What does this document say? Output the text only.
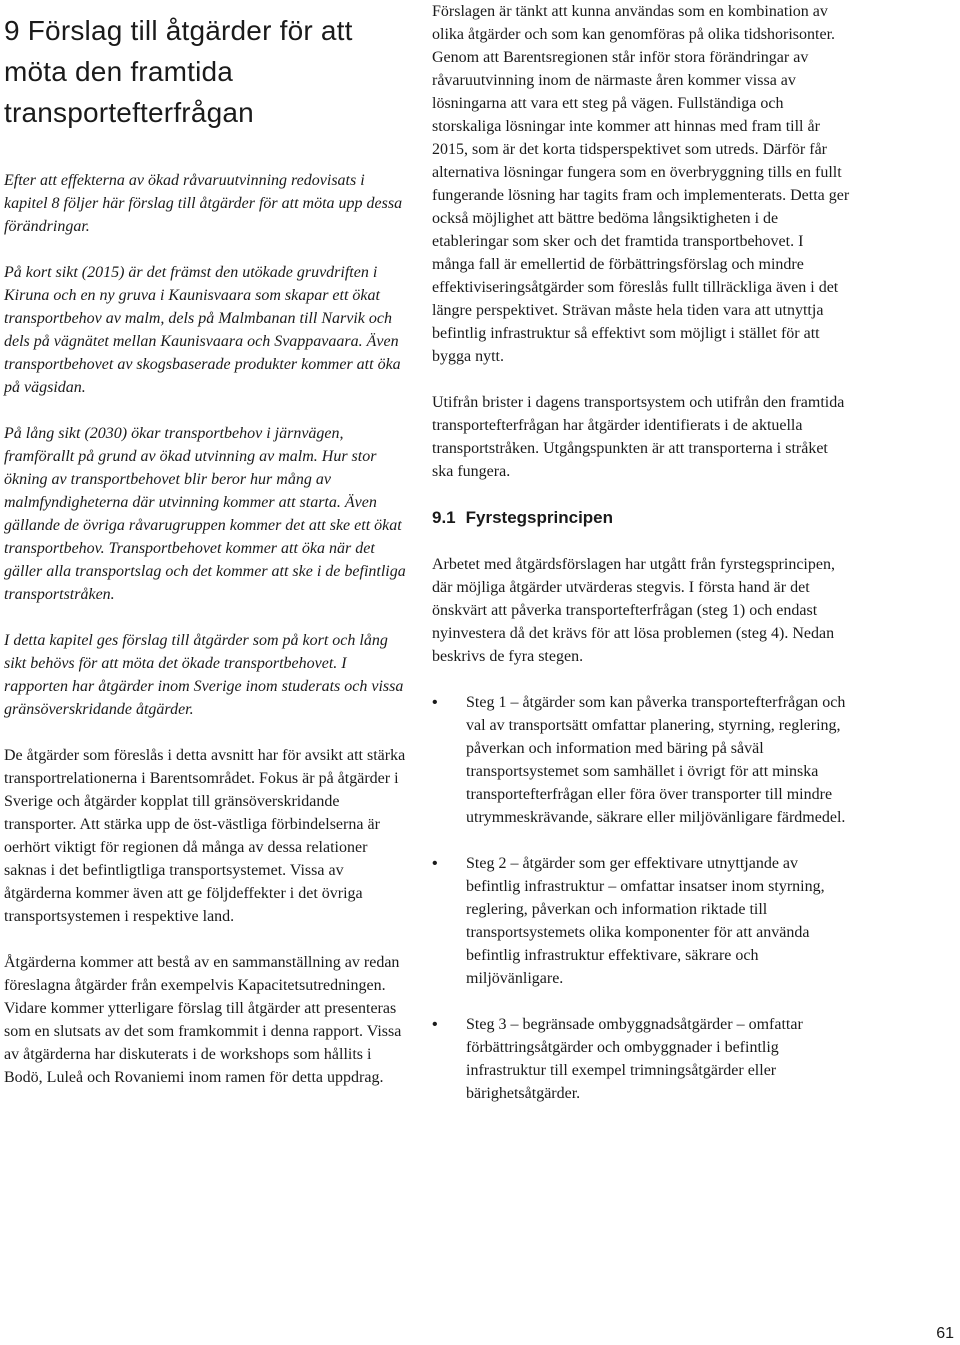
9 Förslag till åtgärder för att möta den framtida transportefterfrågan

Efter att effekterna av ökad råvaruutvinning redovisats i kapitel 8 följer här förslag till åtgärder för att möta upp dessa förändringar.

På kort sikt (2015) är det främst den utökade gruvdriften i Kiruna och en ny gruva i Kaunisvaara som skapar ett ökat transportbehov av malm, dels på Malmbanan till Narvik och dels på vägnätet mellan Kaunisvaara och Svappavaara. Även transportbehovet av skogsbaserade produkter kommer att öka på vägsidan.

På lång sikt (2030) ökar transportbehov i järnvägen, framförallt på grund av ökad utvinning av malm. Hur stor ökning av transportbehovet blir beror hur mång av malmfyndigheterna där utvinning kommer att starta. Även gällande de övriga råvarugruppen kommer det att ske ett ökat transportbehov. Transportbehovet kommer att öka när det gäller alla transportslag och det kommer att ske i de befintliga transportstråken.

I detta kapitel ges förslag till åtgärder som på kort och lång sikt behövs för att möta det ökade transportbehovet. I rapporten har åtgärder inom Sverige inom studerats och vissa gränsöverskridande åtgärder.

De åtgärder som föreslås i detta avsnitt har för avsikt att stärka transportrelationerna i Barentsområdet. Fokus är på åtgärder i Sverige och åtgärder kopplat till gränsöverskridande transporter. Att stärka upp de öst-västliga förbindelserna är oerhört viktigt för regionen då många av dessa relationer saknas i det befintligtliga transportsystemet. Vissa av åtgärderna kommer även att ge följdeffekter i det övriga transportsystemen i respektive land.

Åtgärderna kommer att bestå av en sammanställning av redan föreslagna åtgärder från exempelvis Kapacitetsutredningen. Vidare kommer ytterligare förslag till åtgärder att presenteras som en slutsats av det som framkommit i denna rapport. Vissa av åtgärderna har diskuterats i de workshops som hållits i Bodö, Luleå och Rovaniemi inom ramen för detta uppdrag.

Förslagen är tänkt att kunna användas som en kombination av olika åtgärder och som kan genomföras på olika tidshorisonter. Genom att Barentsregionen står inför stora förändringar av råvaruutvinning inom de närmaste åren kommer vissa av lösningarna att vara ett steg på vägen. Fullständiga och storskaliga lösningar inte kommer att hinnas med fram till år 2015, som är det korta tidsperspektivet som utreds. Därför får alternativa lösningar fungera som en överbryggning tills en fullt fungerande lösning har tagits fram och implementerats. Detta ger också möjlighet att bättre bedöma långsiktigheten i de etableringar som sker och det framtida transportbehovet. I många fall är emellertid de förbättringsförslag och mindre effektiviseringsåtgärder som föreslås fullt tillräckliga även i det längre perspektivet. Strävan måste hela tiden vara att utnyttja befintlig infrastruktur så effektivt som möjligt i stället för att bygga nytt.

Utifrån brister i dagens transportsystem och utifrån den framtida transportefterfrågan har åtgärder identifierats i de aktuella transportstråken. Utgångspunkten är att transporterna i stråket ska fungera.

9.1 Fyrstegsprincipen

Arbetet med åtgärdsförslagen har utgått från fyrstegsprincipen, där möjliga åtgärder utvärderas stegvis. I första hand är det önskvärt att påverka transportefterfrågan (steg 1) och endast nyinvestera då det krävs för att lösa problemen (steg 4). Nedan beskrivs de fyra stegen.

• Steg 1 – åtgärder som kan påverka transportefterfrågan och val av transportsätt omfattar planering, styrning, reglering, påverkan och information med bäring på såväl transportsystemet som samhället i övrigt för att minska transportefterfrågan eller föra över transporter till mindre utrymmeskrävande, säkrare eller miljövänligare färdmedel.
• Steg 2 – åtgärder som ger effektivare utnyttjande av befintlig infrastruktur – omfattar insatser inom styrning, reglering, påverkan och information riktade till transportsystemets olika komponenter för att använda befintlig infrastruktur effektivare, säkrare och miljövänligare.
• Steg 3 – begränsade ombyggnadsåtgärder – omfattar förbättringsåtgärder och ombyggnader i befintlig infrastruktur till exempel trimningsåtgärder eller bärighetsåtgärder.
61
